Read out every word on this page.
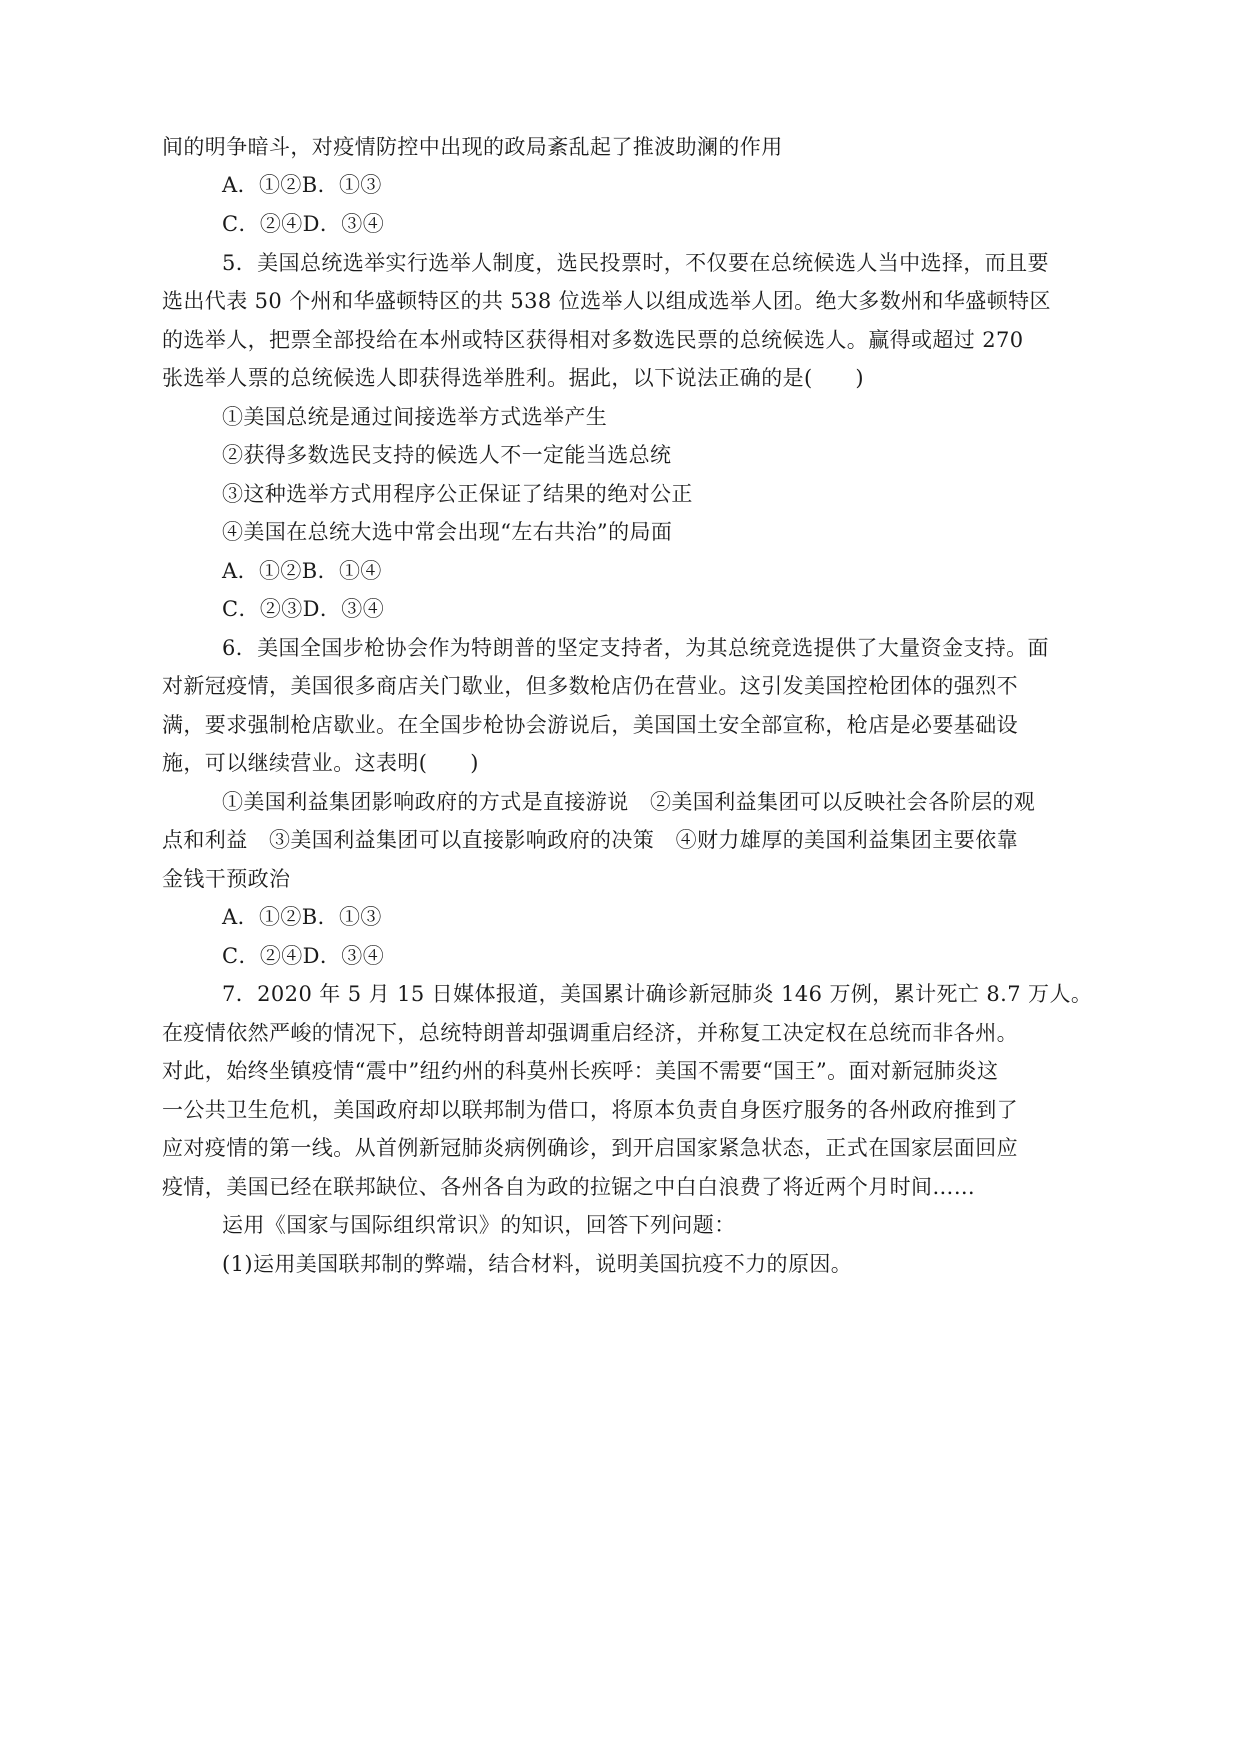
间的明争暗斗，对疫情防控中出现的政局紊乱起了推波助澜的作用
A．①②B．①③
C．②④D．③④
5．美国总统选举实行选举人制度，选民投票时，不仅要在总统候选人当中选择，而且要
选出代表 50 个州和华盛顿特区的共 538 位选举人以组成选举人团。绝大多数州和华盛顿特区
的选举人，把票全部投给在本州或特区获得相对多数选民票的总统候选人。赢得或超过 270
张选举人票的总统候选人即获得选举胜利。据此，以下说法正确的是(　　)
①美国总统是通过间接选举方式选举产生
②获得多数选民支持的候选人不一定能当选总统
③这种选举方式用程序公正保证了结果的绝对公正
④美国在总统大选中常会出现“左右共治”的局面
A．①②B．①④
C．②③D．③④
6．美国全国步枪协会作为特朗普的坚定支持者，为其总统竞选提供了大量资金支持。面
对新冠疫情，美国很多商店关门歇业，但多数枪店仍在营业。这引发美国控枪团体的强烈不
满，要求强制枪店歇业。在全国步枪协会游说后，美国国土安全部宣称，枪店是必要基础设
施，可以继续营业。这表明(　　)
①美国利益集团影响政府的方式是直接游说　②美国利益集团可以反映社会各阶层的观
点和利益　③美国利益集团可以直接影响政府的决策　④财力雄厚的美国利益集团主要依靠
金钱干预政治
A．①②B．①③
C．②④D．③④
7．2020 年 5 月 15 日媒体报道，美国累计确诊新冠肺炎 146 万例，累计死亡 8.7 万人。
在疫情依然严峻的情况下，总统特朗普却强调重启经济，并称复工决定权在总统而非各州。
对此，始终坐镇疫情“震中”纽约州的科莫州长疾呼：美国不需要“国王”。面对新冠肺炎这
一公共卫生危机，美国政府却以联邦制为借口，将原本负责自身医疗服务的各州政府推到了
应对疫情的第一线。从首例新冠肺炎病例确诊，到开启国家紧急状态，正式在国家层面回应
疫情，美国已经在联邦缺位、各州各自为政的拉锯之中白白浪费了将近两个月时间……
运用《国家与国际组织常识》的知识，回答下列问题：
(1)运用美国联邦制的弊端，结合材料，说明美国抗疫不力的原因。
